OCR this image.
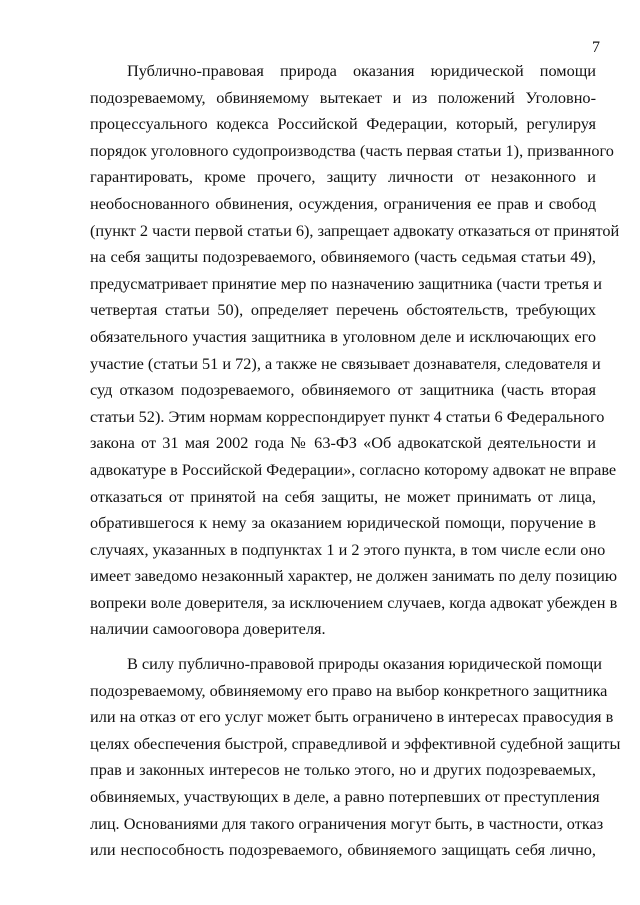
7

Публично-правовая природа оказания юридической помощи
подозреваемому, обвиняемому вытекает и из положений Уголовно-
процессуального кодекса Российской Федерации, который, регулируя
порядок уголовного судопроизводства (часть первая статьи 1), призванного
гарантировать, кроме прочего, защиту личности от незаконного и
необоснованного обвинения, осуждения, ограничения ее прав и свобод
(пункт 2 части первой статьи 6), запрещает адвокату отказаться от принятой
на себя защиты подозреваемого, обвиняемого (часть седьмая статьи 49),
предусматривает принятие мер по назначению защитника (части третья и
четвертая статьи 50), определяет перечень обстоятельств, требующих
обязательного участия защитника в уголовном деле и исключающих его
участие (статьи 51 и 72), а также не связывает дознавателя, следователя и
суд отказом подозреваемого, обвиняемого от защитника (часть вторая
статьи 52). Этим нормам корреспондирует пункт 4 статьи 6 Федерального
закона от 31 мая 2002 года № 63-ФЗ «Об адвокатской деятельности и
адвокатуре в Российской Федерации», согласно которому адвокат не вправе
отказаться от принятой на себя защиты, не может принимать от лица,
обратившегося к нему за оказанием юридической помощи, поручение в
случаях, указанных в подпунктах 1 и 2 этого пункта, в том числе если оно
имеет заведомо незаконный характер, не должен занимать по делу позицию
вопреки воле доверителя, за исключением случаев, когда адвокат убежден в
наличии самооговора доверителя.

В силу публично-правовой природы оказания юридической помощи
подозреваемому, обвиняемому его право на выбор конкретного защитника
или на отказ от его услуг может быть ограничено в интересах правосудия в
целях обеспечения быстрой, справедливой и эффективной судебной защиты
прав и законных интересов не только этого, но и других подозреваемых,
обвиняемых, участвующих в деле, а равно потерпевших от преступления
лиц. Основаниями для такого ограничения могут быть, в частности, отказ
или неспособность подозреваемого, обвиняемого защищать себя лично,
